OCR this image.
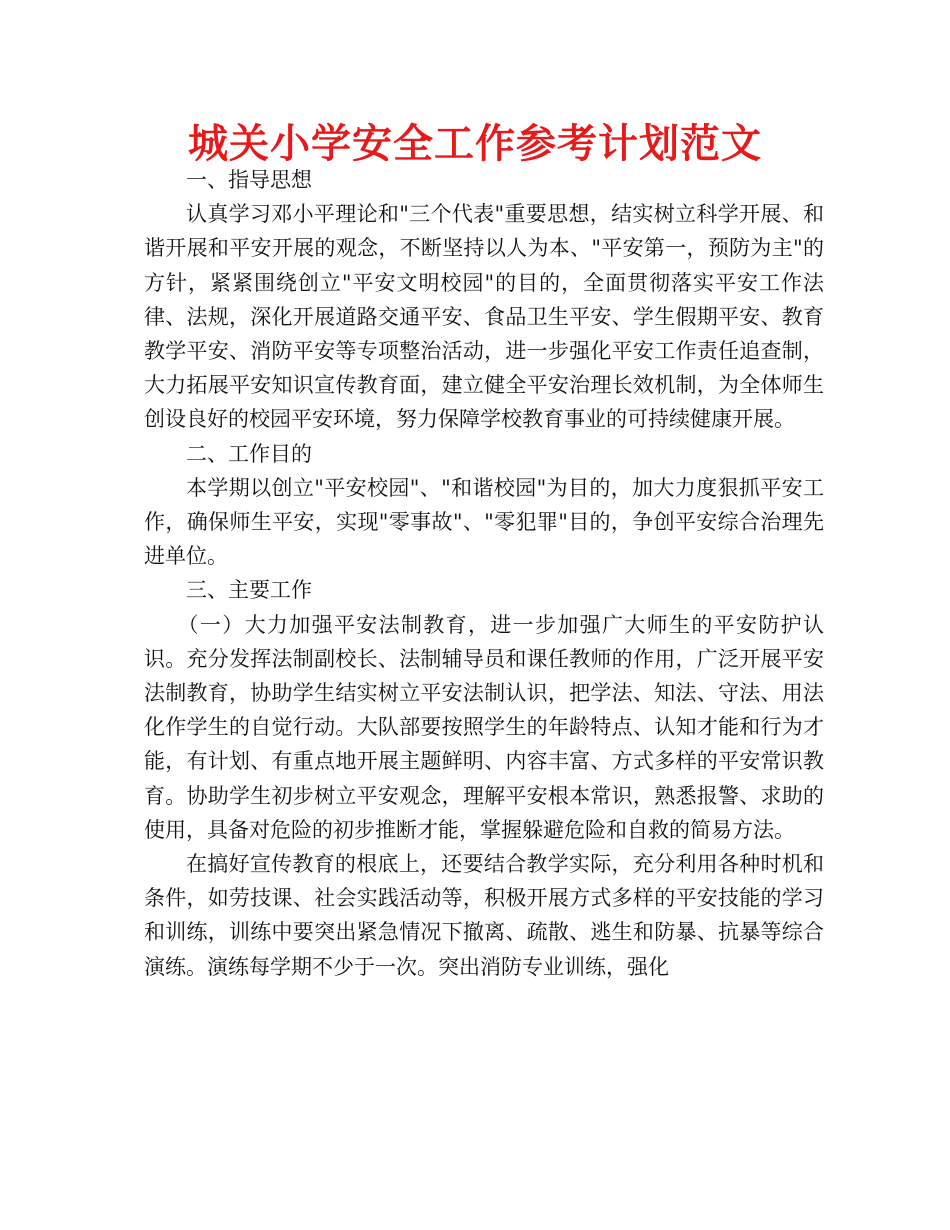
城关小学安全工作参考计划范文

一、指导思想

认真学习邓小平理论和"三个代表"重要思想，结实树立科学开展、和谐开展和平安开展的观念，不断坚持以人为本、"平安第一，预防为主"的方针，紧紧围绕创立"平安文明校园"的目的，全面贯彻落实平安工作法律、法规，深化开展道路交通平安、食品卫生平安、学生假期平安、教育教学平安、消防平安等专项整治活动，进一步强化平安工作责任追查制，大力拓展平安知识宣传教育面，建立健全平安治理长效机制，为全体师生创设良好的校园平安环境，努力保障学校教育事业的可持续健康开展。

二、工作目的

本学期以创立"平安校园"、"和谐校园"为目的，加大力度狠抓平安工作，确保师生平安，实现"零事故"、"零犯罪"目的，争创平安综合治理先进单位。

三、主要工作

（一）大力加强平安法制教育，进一步加强广大师生的平安防护认识。充分发挥法制副校长、法制辅导员和课任教师的作用，广泛开展平安法制教育，协助学生结实树立平安法制认识，把学法、知法、守法、用法化作学生的自觉行动。大队部要按照学生的年龄特点、认知才能和行为才能，有计划、有重点地开展主题鲜明、内容丰富、方式多样的平安常识教育。协助学生初步树立平安观念，理解平安根本常识，熟悉报警、求助的使用，具备对危险的初步推断才能，掌握躲避危险和自救的简易方法。

在搞好宣传教育的根底上，还要结合教学实际，充分利用各种时机和条件，如劳技课、社会实践活动等，积极开展方式多样的平安技能的学习和训练，训练中要突出紧急情况下撤离、疏散、逃生和防暴、抗暴等综合演练。演练每学期不少于一次。突出消防专业训练，强化
